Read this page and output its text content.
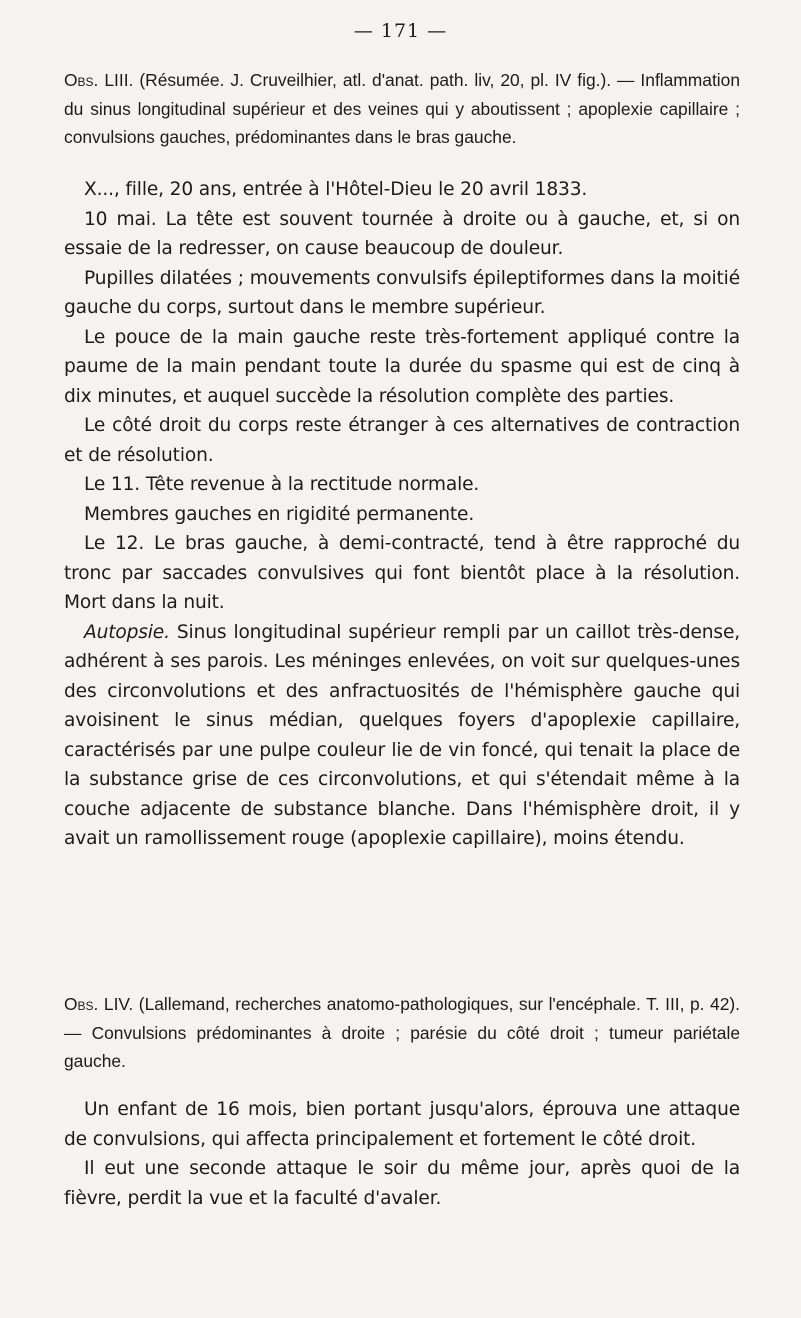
— 171 —

Obs. LIII. (Résumée. J. Cruveilhier, atl. d'anat. path. liv, 20, pl. IV fig.). — Inflammation du sinus longitudinal supérieur et des veines qui y aboutissent ; apoplexie capillaire ; convulsions gauches, prédominantes dans le bras gauche.

X..., fille, 20 ans, entrée à l'Hôtel-Dieu le 20 avril 1833.

10 mai. La tête est souvent tournée à droite ou à gauche, et, si on essaie de la redresser, on cause beaucoup de douleur.

Pupilles dilatées ; mouvements convulsifs épileptiformes dans la moitié gauche du corps, surtout dans le membre supérieur.

Le pouce de la main gauche reste très-fortement appliqué contre la paume de la main pendant toute la durée du spasme qui est de cinq à dix minutes, et auquel succède la résolution complète des parties.

Le côté droit du corps reste étranger à ces alternatives de contraction et de résolution.

Le 11. Tête revenue à la rectitude normale.

Membres gauches en rigidité permanente.

Le 12. Le bras gauche, à demi-contracté, tend à être rapproché du tronc par saccades convulsives qui font bientôt place à la résolution. Mort dans la nuit.

Autopsie. Sinus longitudinal supérieur rempli par un caillot très-dense, adhérent à ses parois. Les méninges enlevées, on voit sur quelques-unes des circonvolutions et des anfractuosités de l'hémisphère gauche qui avoisinent le sinus médian, quelques foyers d'apoplexie capillaire, caractérisés par une pulpe couleur lie de vin foncé, qui tenait la place de la substance grise de ces circonvolutions, et qui s'étendait même à la couche adjacente de substance blanche. Dans l'hémisphère droit, il y avait un ramollissement rouge (apoplexie capillaire), moins étendu.

Obs. LIV. (Lallemand, recherches anatomo-pathologiques, sur l'encéphale. T. III, p. 42). — Convulsions prédominantes à droite ; parésie du côté droit ; tumeur pariétale gauche.

Un enfant de 16 mois, bien portant jusqu'alors, éprouva une attaque de convulsions, qui affecta principalement et fortement le côté droit.

Il eut une seconde attaque le soir du même jour, après quoi de la fièvre, perdit la vue et la faculté d'avaler.
